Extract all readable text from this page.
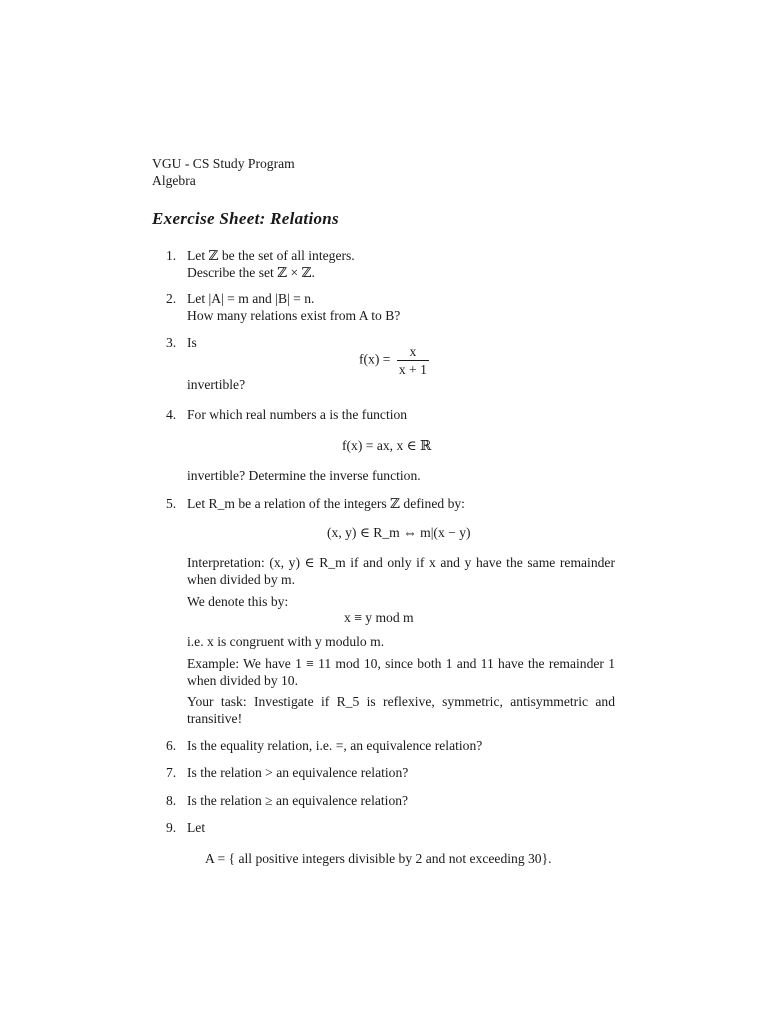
VGU - CS Study Program
Algebra
Exercise Sheet: Relations
1. Let ℤ be the set of all integers.
Describe the set ℤ × ℤ.
2. Let |A| = m and |B| = n.
How many relations exist from A to B?
3. Is
$f(x) = \frac{x}{x + 1}$
invertible?
4. For which real numbers a is the function
f(x) = ax, x ∈ ℝ
invertible? Determine the inverse function.
5. Let R_m be a relation of the integers ℤ defined by:
(x, y) ∈ R_m ⇔ m|(x − y)
Interpretation: (x, y) ∈ R_m if and only if x and y have the same remainder when divided by m.
We denote this by:
x ≡ y mod m
i.e. x is congruent with y modulo m.
Example: We have 1 ≡ 11 mod 10, since both 1 and 11 have the remainder 1 when divided by 10.
Your task: Investigate if R_5 is reflexive, symmetric, antisymmetric and transitive!
6. Is the equality relation, i.e. =, an equivalence relation?
7. Is the relation > an equivalence relation?
8. Is the relation ≥ an equivalence relation?
9. Let
A = { all positive integers divisible by 2 and not exceeding 30}.
